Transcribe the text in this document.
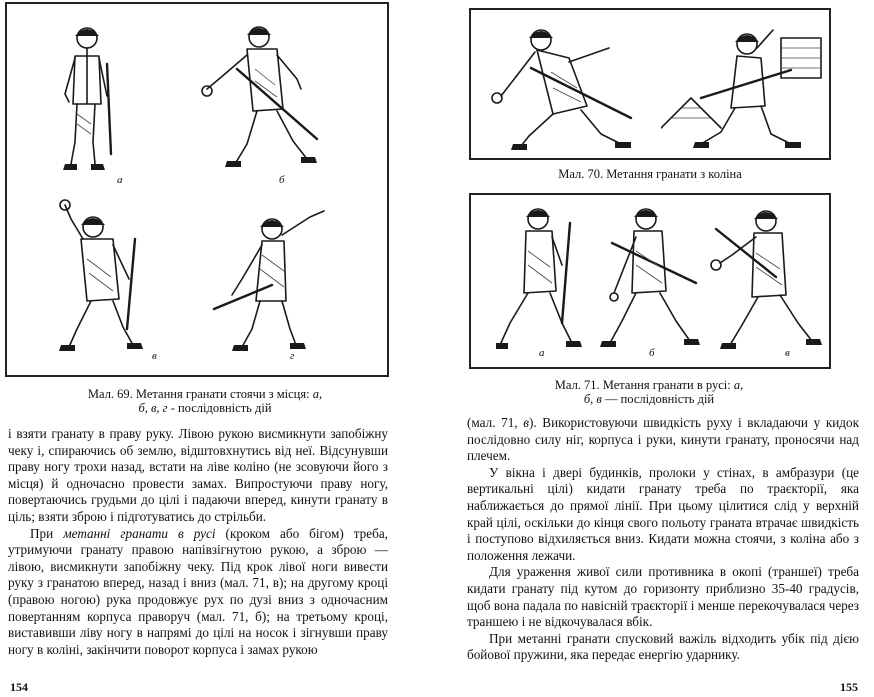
а	б
в	г
Мал. 69. Метання гранати стоячи з місця: а,
б, в, г - послідовність дій

і взяти гранату в праву руку. Лівою рукою висмикнути запобіжну чеку і, спираючись об землю, відштовхнутись від неї. Відсунувши праву ногу трохи назад, встати на ліве коліно (не зсовуючи його з місця) й одночасно провести замах. Випростуючи праву ногу, повертаючись грудьми до цілі і падаючи вперед, кинути гранату в ціль; взяти зброю і підготуватись до стрільби.

При метанні гранати в русі (кроком або бігом) треба, утримуючи гранату правою напівзігнутою рукою, а зброю — лівою, висмикнути запобіжну чеку. Під крок лівої ноги вивести руку з гранатою вперед, назад і вниз (мал. 71, в); на другому кроці (правою ногою) рука продовжує рух по дузі вниз з одночасним повертанням корпуса праворуч (мал. 71, б); на третьому кроці, виставивши ліву ногу в напрямі до цілі на носок і зігнувши праву ногу в коліні, закінчити поворот корпуса і замах рукою

154
Мал. 70. Метання гранати з коліна
а	б	в
Мал. 71. Метання гранати в русі: а,
б, в — послідовність дій

(мал. 71, в). Використовуючи швидкість руху і вкладаючи у кидок послідовно силу ніг, корпуса і руки, кинути гранату, проносячи над плечем.

У вікна і двері будинків, пролоки у стінах, в амбразури (це вертикальні цілі) кидати гранату треба по траєкторії, яка наближається до прямої лінії. При цьому цілитися слід у верхній край цілі, оскільки до кінця свого польоту граната втрачає швидкість і поступово відхиляється вниз. Кидати можна стоячи, з коліна або з положення лежачи.

Для ураження живої сили противника в окопі (траншеї) треба кидати гранату під кутом до горизонту приблизно 35-40 градусів, щоб вона падала по навісній траєкторії і менше перекочувалася через траншею і не відкочувалася вбік.

При метанні гранати спусковий важіль відходить убік під дією бойової пружини, яка передає енергію ударнику.

155
